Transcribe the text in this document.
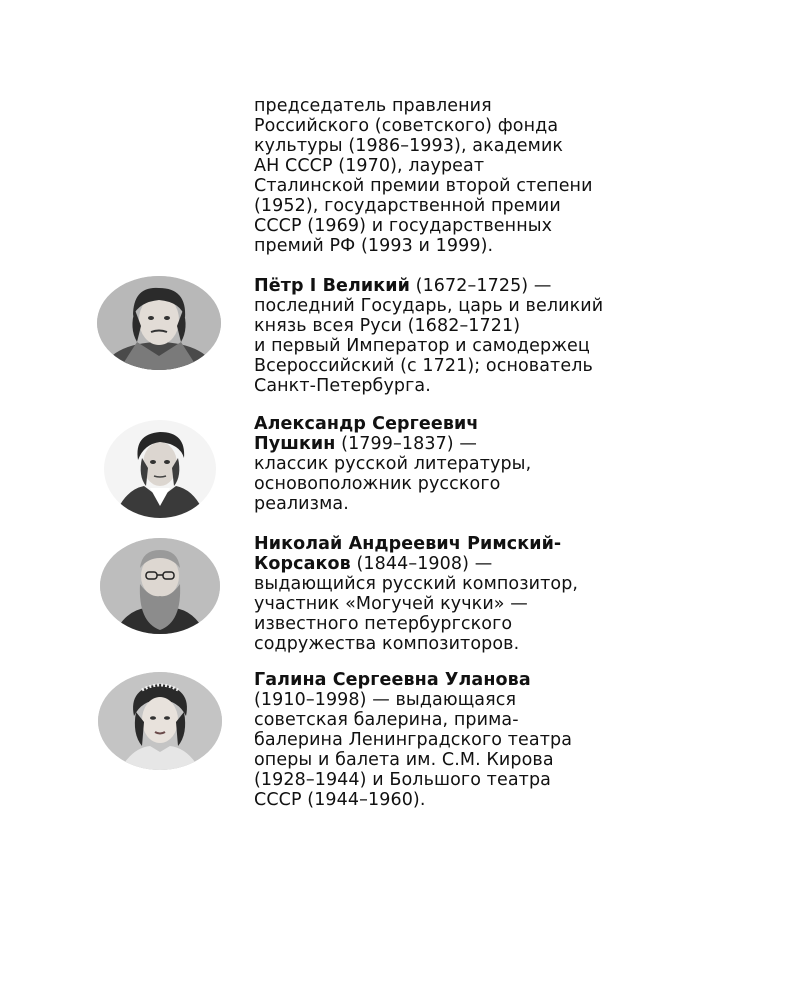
председатель правления
Российского (советского) фонда
культуры (1986–1993), академик
АН СССР (1970), лауреат
Сталинской премии второй степени
(1952), государственной премии
СССР (1969) и государственных
премий РФ (1993 и 1999).
Пётр I Великий (1672–1725) —
последний Государь, царь и великий
князь всея Руси (1682–1721)
и первый Император и самодержец
Всероссийский (с 1721); основатель
Санкт-Петербурга.
Александр Сергеевич
Пушкин (1799–1837) —
классик русской литературы,
основоположник русского
реализма.
Николай Андреевич Римский-
Корсаков (1844–1908) —
выдающийся русский композитор,
участник «Могучей кучки» —
известного петербургского
содружества композиторов.
Галина Сергеевна Уланова
(1910–1998) — выдающаяся
советская балерина, прима-
балерина Ленинградского театра
оперы и балета им. С.М. Кирова
(1928–1944) и Большого театра
СССР (1944–1960).
